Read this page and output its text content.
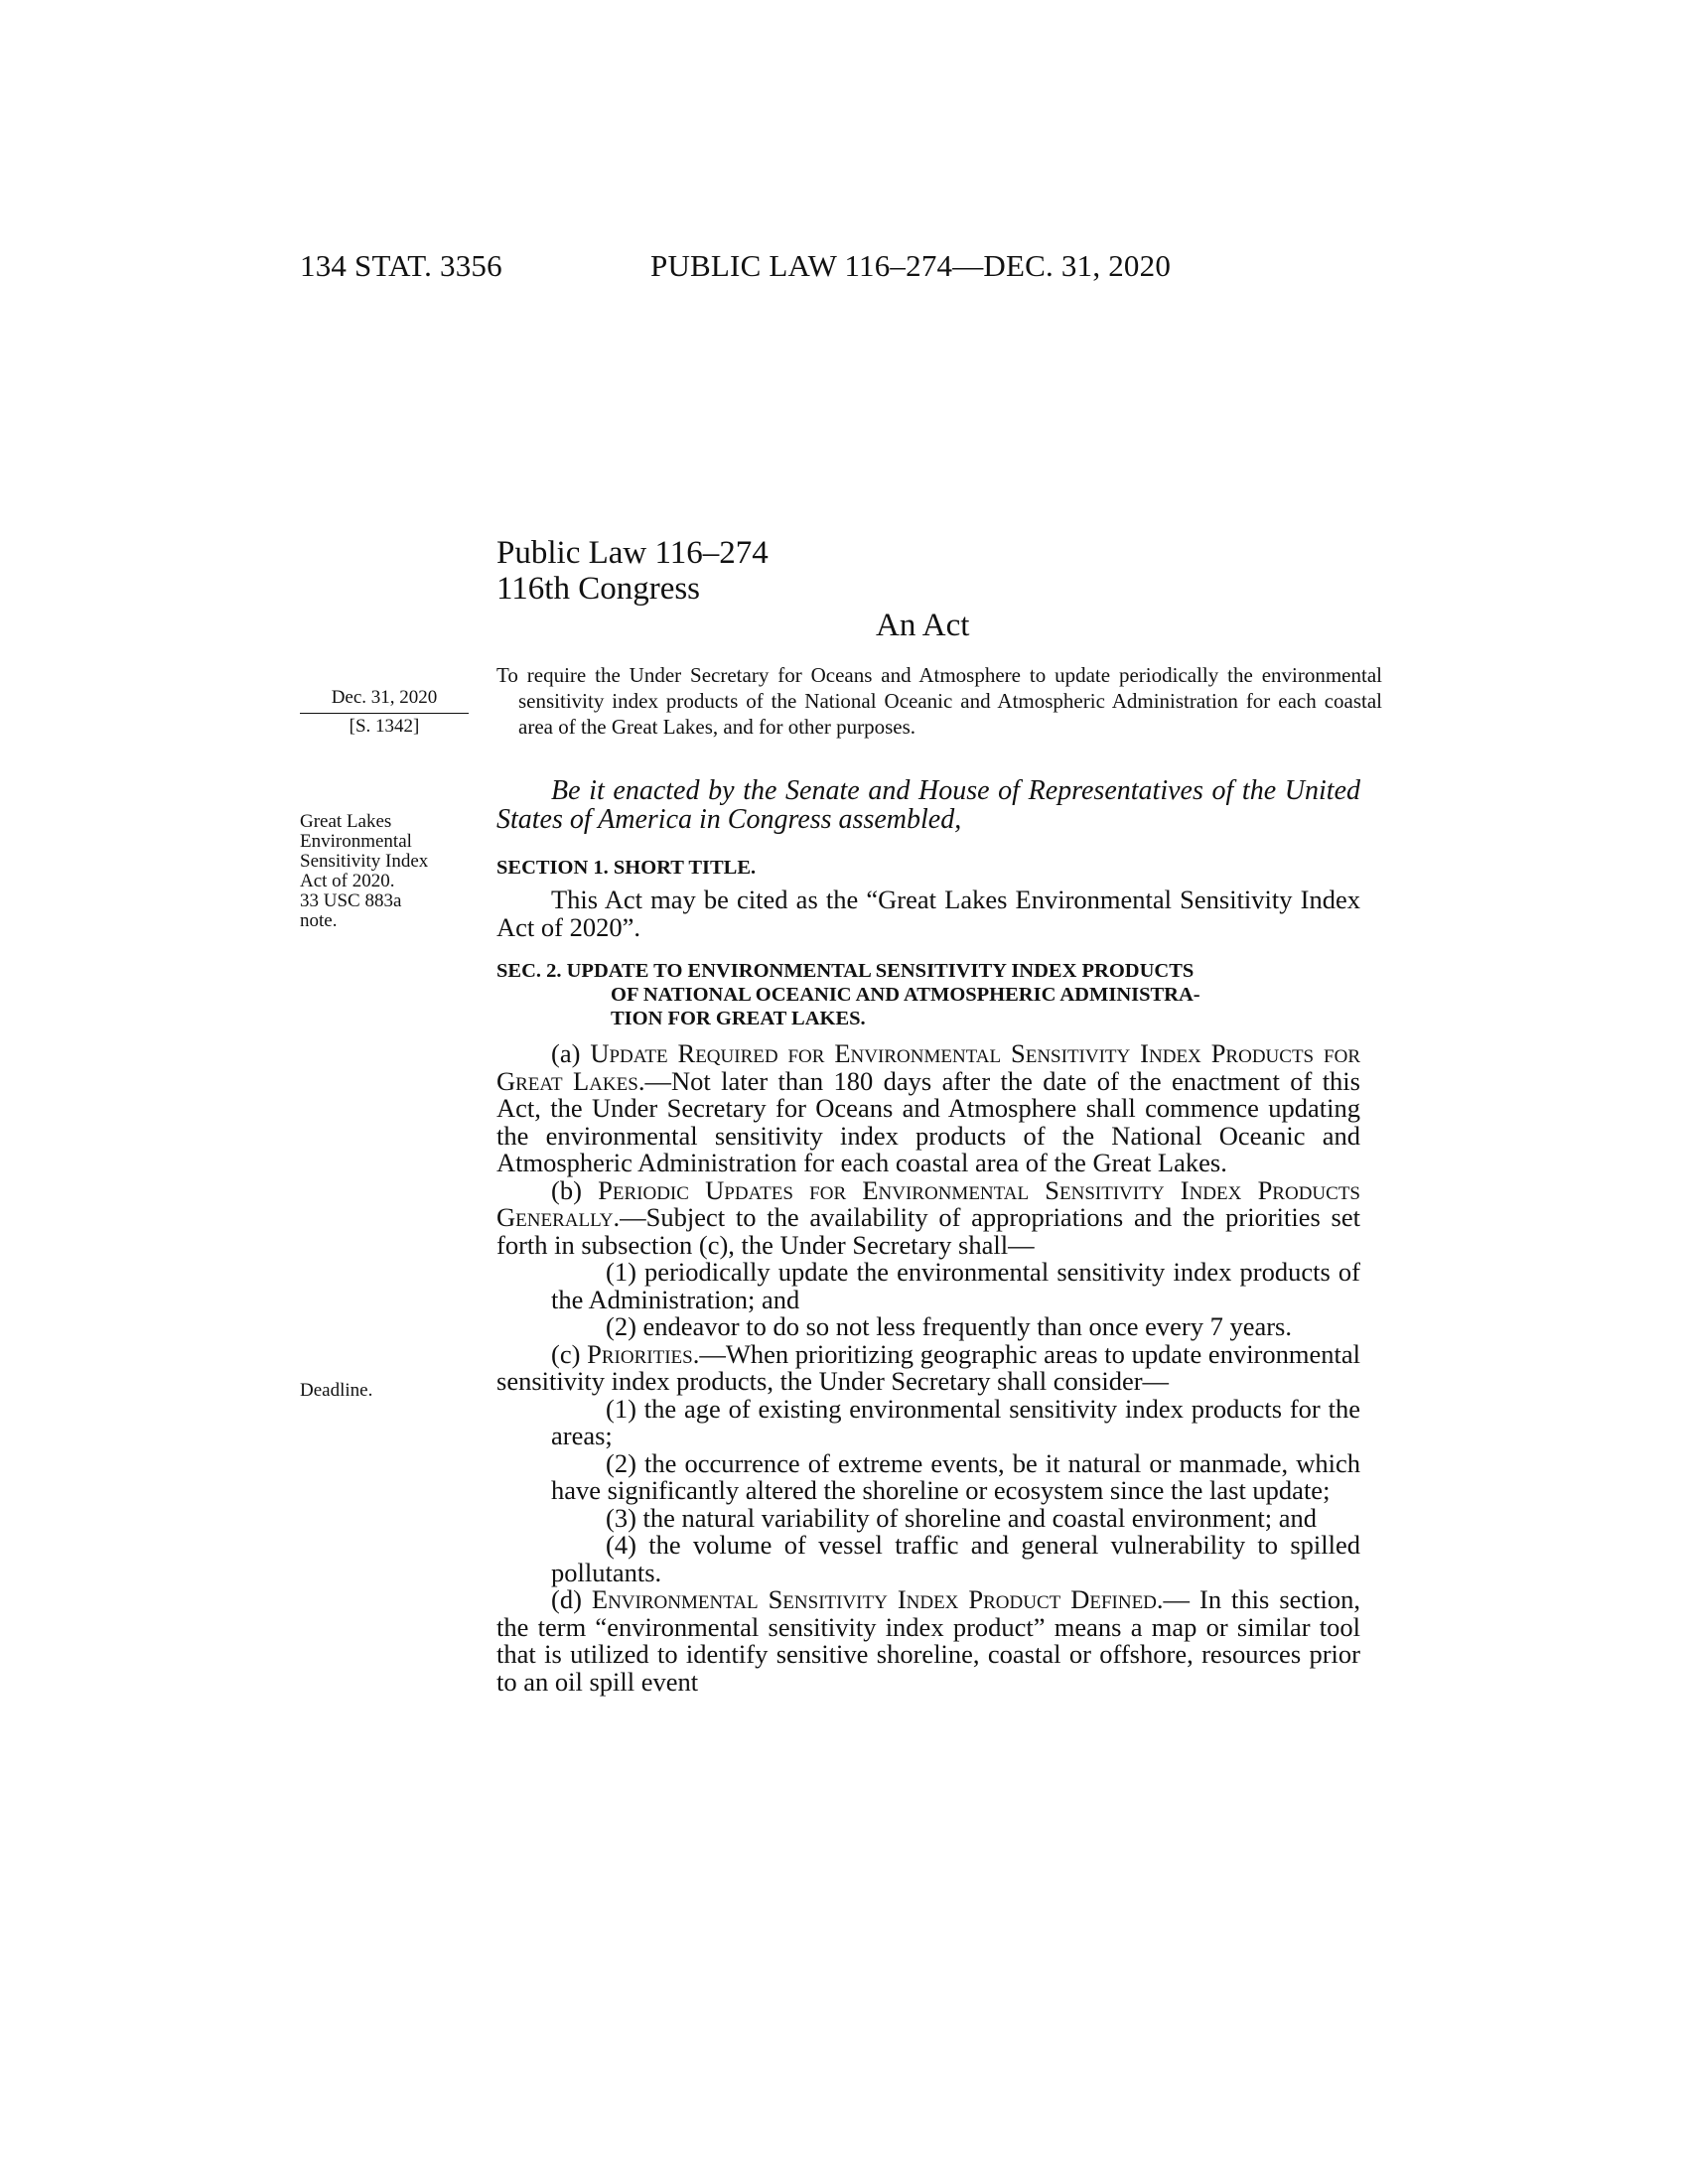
134 STAT. 3356	PUBLIC LAW 116–274—DEC. 31, 2020
Public Law 116–274
116th Congress
An Act
To require the Under Secretary for Oceans and Atmosphere to update periodically the environmental sensitivity index products of the National Oceanic and Atmospheric Administration for each coastal area of the Great Lakes, and for other purposes.
Dec. 31, 2020
[S. 1342]
Great Lakes
Environmental
Sensitivity Index
Act of 2020.
33 USC 883a
note.
Deadline.
Be it enacted by the Senate and House of Representatives of the United States of America in Congress assembled,
SECTION 1. SHORT TITLE.
This Act may be cited as the “Great Lakes Environmental Sensitivity Index Act of 2020”.
SEC. 2. UPDATE TO ENVIRONMENTAL SENSITIVITY INDEX PRODUCTS
OF NATIONAL OCEANIC AND ATMOSPHERIC ADMINISTRA-
TION FOR GREAT LAKES.

(a) Update Required for Environmental Sensitivity Index Products for Great Lakes.—Not later than 180 days after the date of the enactment of this Act, the Under Secretary for Oceans and Atmosphere shall commence updating the environmental sensitivity index products of the National Oceanic and Atmospheric Administration for each coastal area of the Great Lakes.

(b) Periodic Updates for Environmental Sensitivity Index Products Generally.—Subject to the availability of appropriations and the priorities set forth in subsection (c), the Under Secretary shall—

(1) periodically update the environmental sensitivity index products of the Administration; and

(2) endeavor to do so not less frequently than once every 7 years.

(c) Priorities.—When prioritizing geographic areas to update environmental sensitivity index products, the Under Secretary shall consider—

(1) the age of existing environmental sensitivity index products for the areas;

(2) the occurrence of extreme events, be it natural or manmade, which have significantly altered the shoreline or ecosystem since the last update;

(3) the natural variability of shoreline and coastal environment; and

(4) the volume of vessel traffic and general vulnerability to spilled pollutants.

(d) Environmental Sensitivity Index Product Defined.— In this section, the term “environmental sensitivity index product” means a map or similar tool that is utilized to identify sensitive shoreline, coastal or offshore, resources prior to an oil spill event
